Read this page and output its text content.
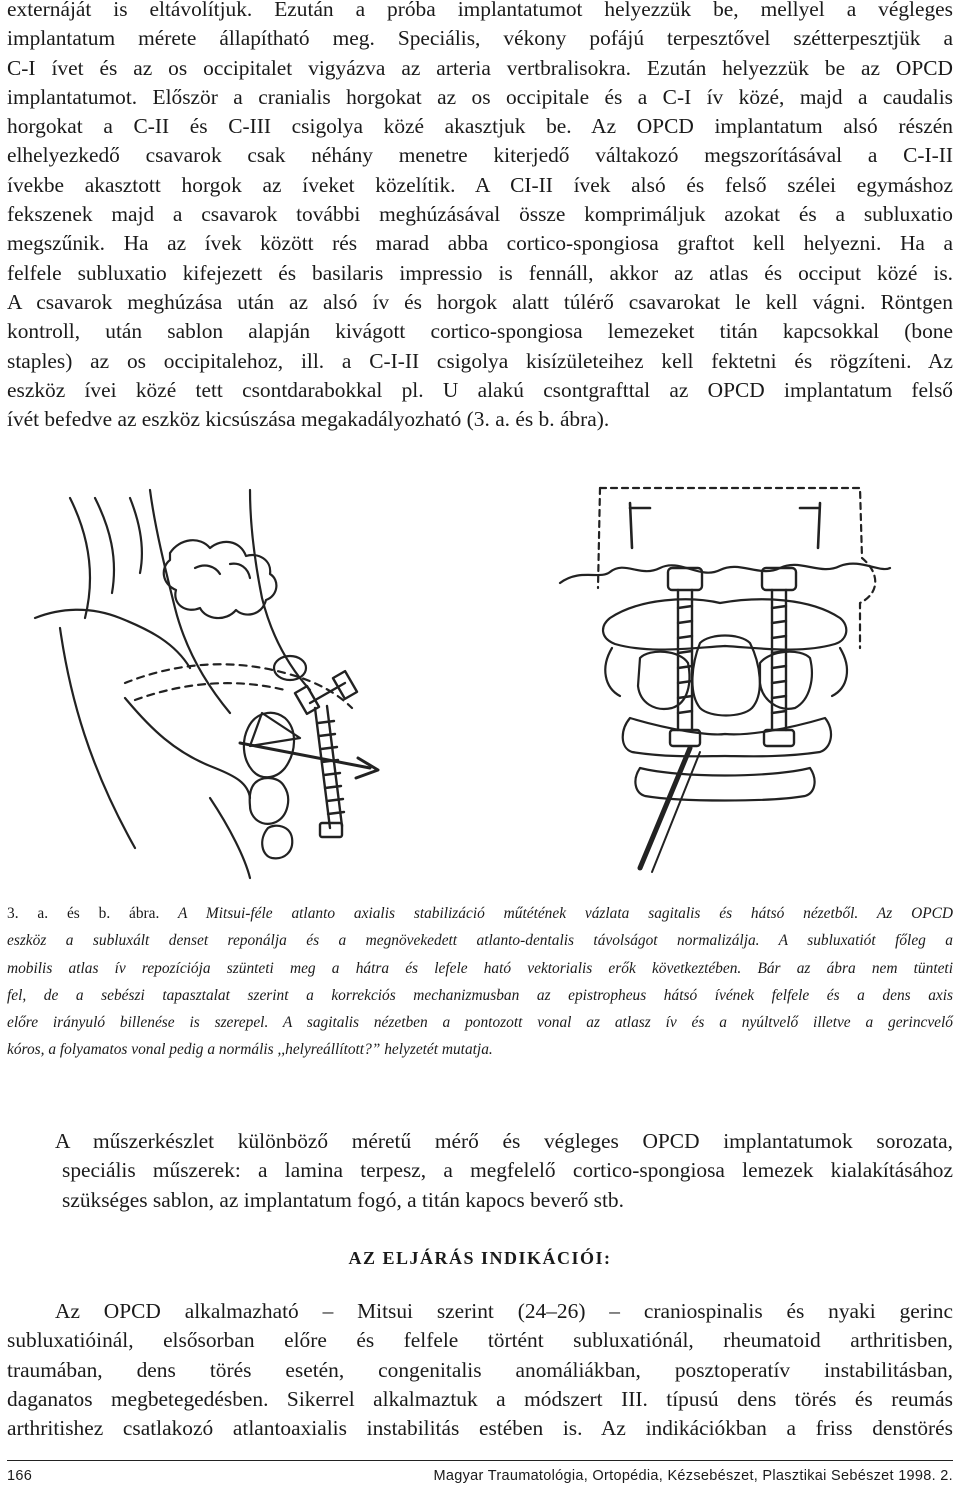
externáját is eltávolítjuk. Ezután a próba implantatumot helyezzük be, mellyel a végleges
implantatum mérete állapítható meg. Speciális, vékony pofájú terpesztővel szétterpesztjük a
C-I ívet és az os occipitalet vigyázva az arteria vertbralisokra. Ezután helyezzük be az OPCD
implantatumot. Először a cranialis horgokat az os occipitale és a C-I ív közé, majd a caudalis
horgokat a C-II és C-III csigolya közé akasztjuk be. Az OPCD implantatum alsó részén
elhelyezkedő csavarok csak néhány menetre kiterjedő váltakozó megszorításával a C-I-II
ívekbe akasztott horgok az íveket közelítik. A CI-II ívek alsó és felső szélei egymáshoz
fekszenek majd a csavarok további meghúzásával össze komprimáljuk azokat és a subluxatio
megszűnik. Ha az ívek között rés marad abba cortico-spongiosa graftot kell helyezni. Ha a
felfele subluxatio kifejezett és basilaris impressio is fennáll, akkor az atlas és occiput közé is.
A csavarok meghúzása után az alsó ív és horgok alatt túlérő csavarokat le kell vágni. Röntgen
kontroll, után sablon alapján kivágott cortico-spongiosa lemezeket titán kapcsokkal (bone
staples) az os occipitalehoz, ill. a C-I-II csigolya kisízületeihez kell fektetni és rögzíteni. Az
eszköz ívei közé tett csontdarabokkal pl. U alakú csontgrafttal az OPCD implantatum felső
ívét befedve az eszköz kicsúszása megakadályozható (3. a. és b. ábra).
3. a. és b. ábra. A Mitsui-féle atlanto axialis stabilizáció műtétének vázlata sagitalis és hátsó nézetből. Az OPCD
eszköz a subluxált denset reponálja és a megnövekedett atlanto-dentalis távolságot normalizálja. A subluxatiót főleg a
mobilis atlas ív repozíciója szünteti meg a hátra és lefele ható vektorialis erők következtében. Bár az ábra nem tünteti
fel, de a sebészi tapasztalat szerint a korrekciós mechanizmusban az epistropheus hátsó ívének felfele és a dens axis
előre irányuló billenése is szerepel. A sagitalis nézetben a pontozott vonal az atlasz ív és a nyúltvelő illetve a gerincvelő
kóros, a folyamatos vonal pedig a normális ,,helyreállított?” helyzetét mutatja.
A műszerkészlet különböző méretű mérő és végleges OPCD implantatumok sorozata,
speciális műszerek: a lamina terpesz, a megfelelő cortico-spongiosa lemezek kialakításához
szükséges sablon, az implantatum fogó, a titán kapocs beverő stb.
AZ ELJÁRÁS INDIKÁCIÓI:
Az OPCD alkalmazható – Mitsui szerint (24–26) – craniospinalis és nyaki gerinc
subluxatióinál, elsősorban előre és felfele történt subluxatiónál, rheumatoid arthritisben,
traumában, dens törés esetén, congenitalis anomáliákban, posztoperatív instabilitásban,
daganatos megbetegedésben. Sikerrel alkalmaztuk a módszert III. típusú dens törés és reumás
arthritishez csatlakozó atlantoaxialis instabilitás estében is. Az indikációkban a friss denstörés
166	Magyar Traumatológia, Ortopédia, Kézsebészet, Plasztikai Sebészet 1998. 2.
